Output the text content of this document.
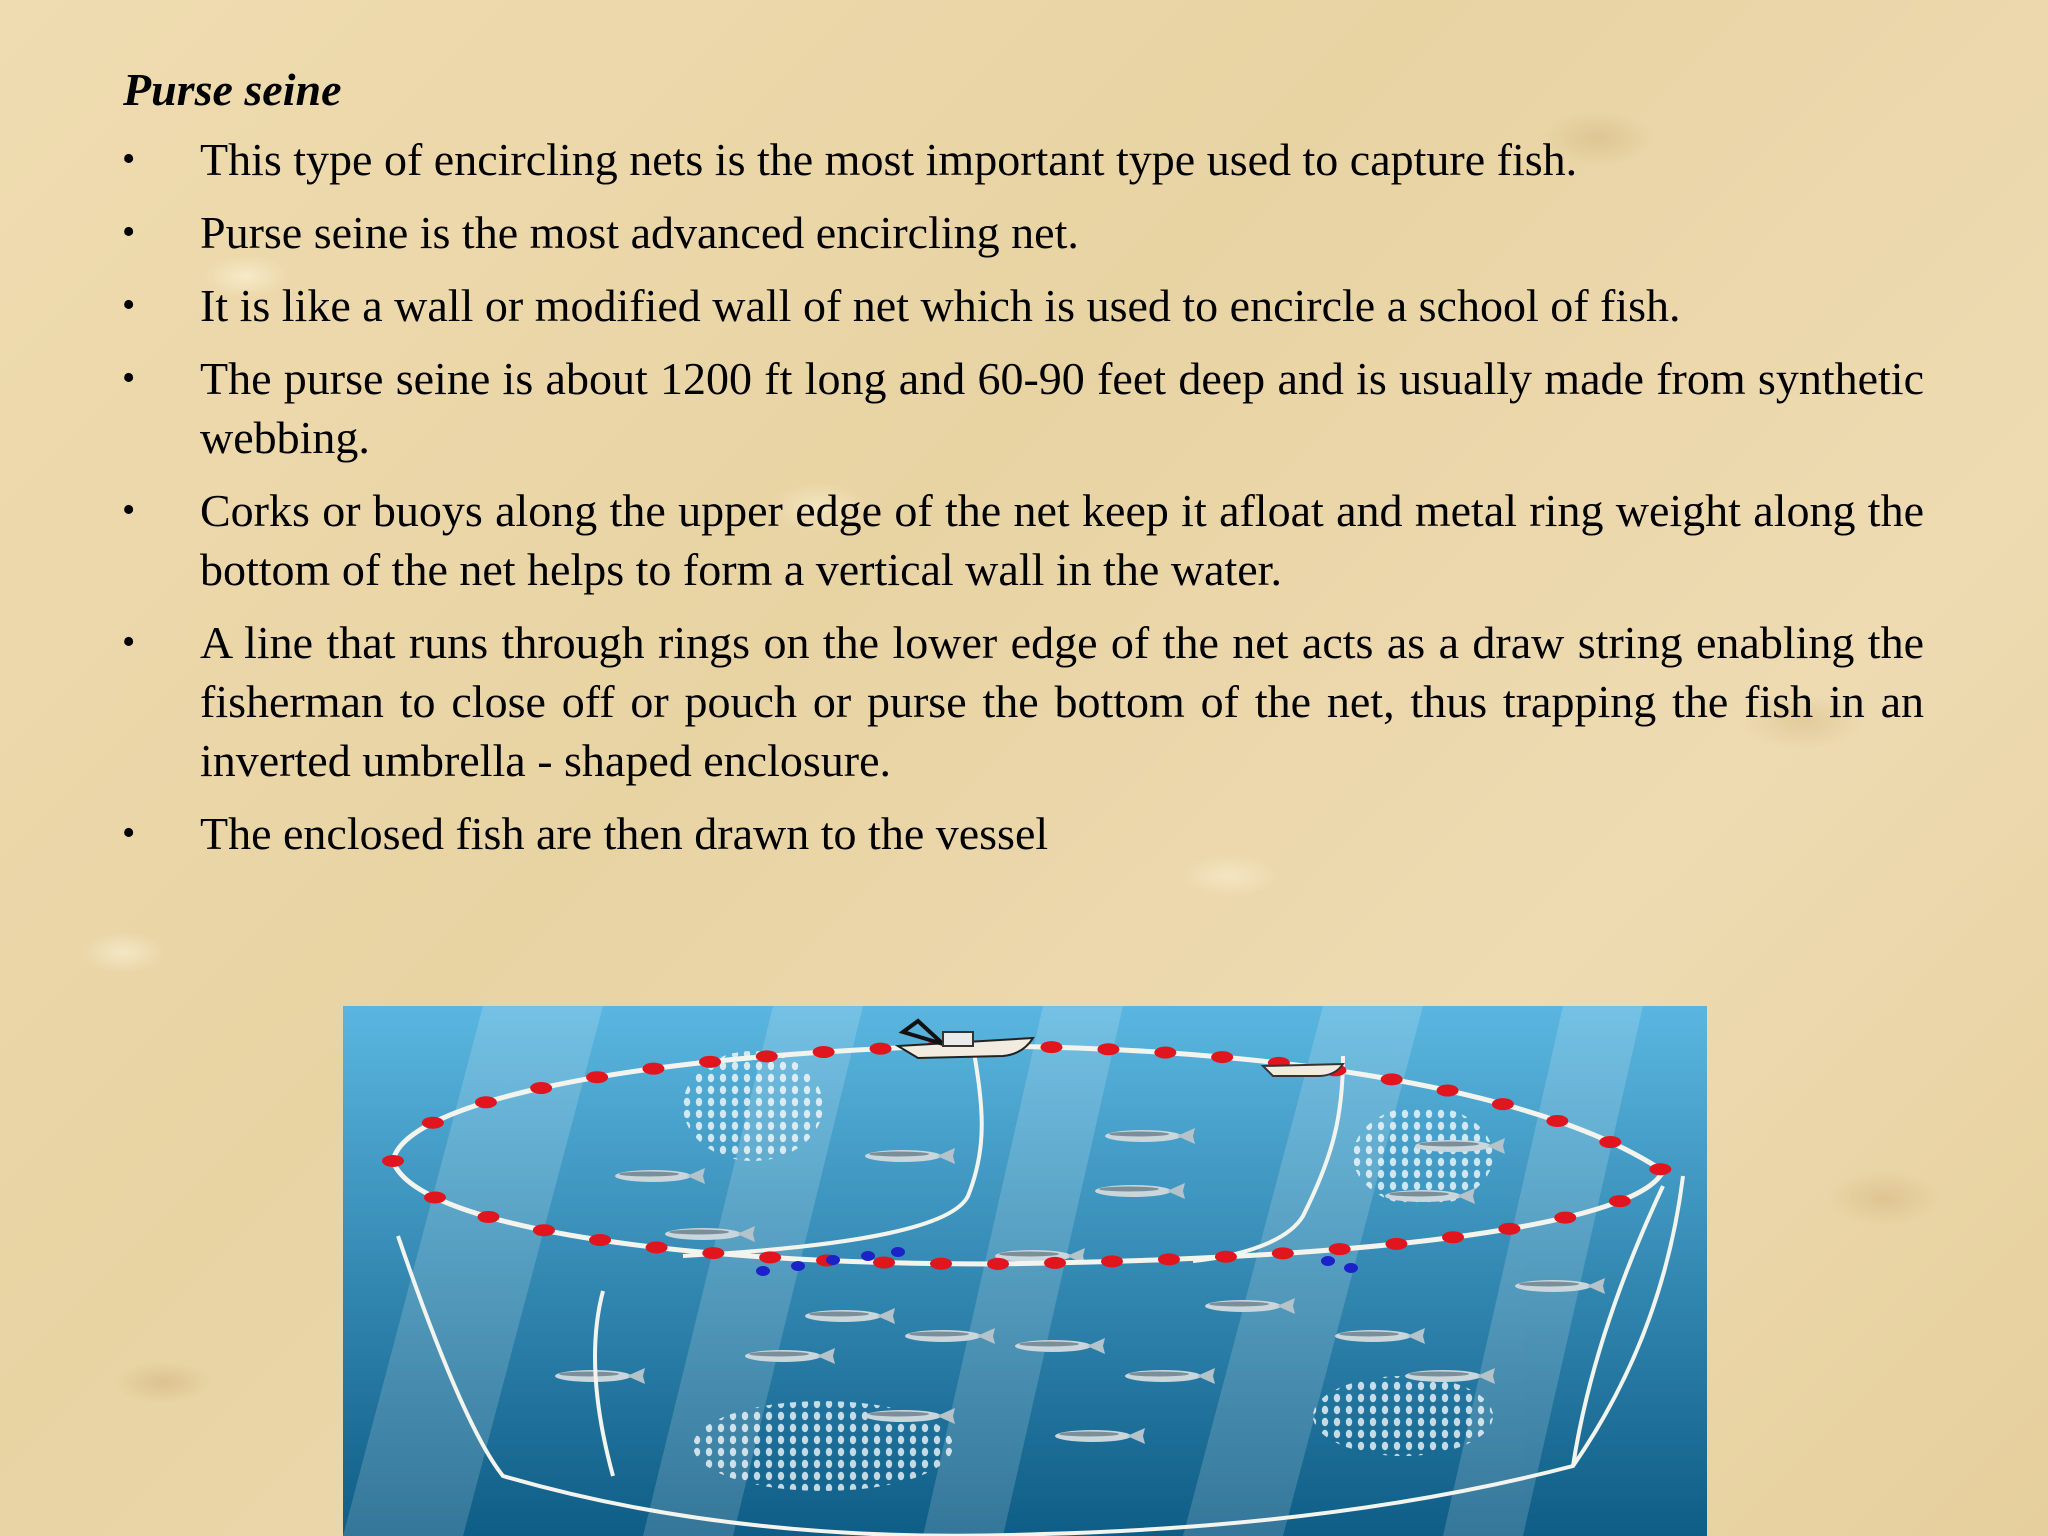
Purse seine
•	This type of encircling nets is the most important type used to capture fish.
•	Purse seine is the most advanced encircling net.
•	It is like a wall or modified wall of net which is used to encircle a school of fish.
•	The purse seine is about 1200 ft long and 60-90 feet deep and is usually made from synthetic webbing.
•	Corks or buoys along the upper edge of the net keep it afloat and metal ring weight along the bottom of the net helps to form a vertical wall in the water.
•	A line that runs through rings on the lower edge of the net acts as a draw string enabling the fisherman to close off or pouch or purse the bottom of the net, thus trapping the fish in an inverted umbrella - shaped enclosure.
•	The enclosed fish are then drawn to the vessel
